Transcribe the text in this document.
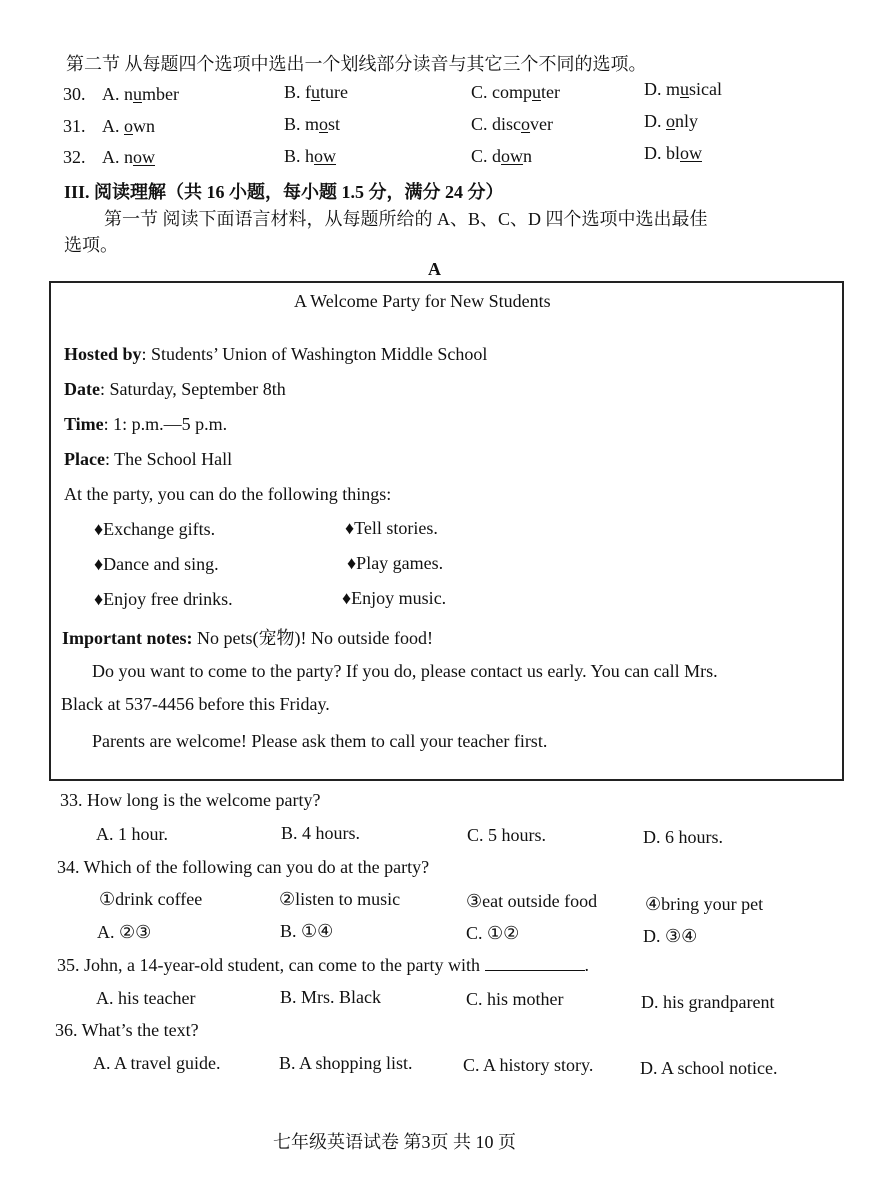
第二节 从每题四个选项中选出一个划线部分读音与其它三个不同的选项。
30. A. number	B. future	C. computer	D. musical
31. A. own	B. most	C. discover	D. only
32. A. now	B. how	C. down	D. blow
III. 阅读理解（共 16 小题，每小题 1.5 分，满分 24 分）
第一节 阅读下面语言材料，从每题所给的 A、B、C、D 四个选项中选出最佳
选项。
A
A Welcome Party for New Students
Hosted by: Students’ Union of Washington Middle School
Date: Saturday, September 8th
Time: 1: p.m.—5 p.m.
Place: The School Hall
At the party, you can do the following things:
♦Exchange gifts.	♦Tell stories.
♦Dance and sing.	♦Play games.
♦Enjoy free drinks.	♦Enjoy music.
Important notes: No pets(宠物)! No outside food!
Do you want to come to the party? If you do, please contact us early. You can call Mrs.
Black at 537-4456 before this Friday.
Parents are welcome! Please ask them to call your teacher first.
33. How long is the welcome party?
A. 1 hour.	B. 4 hours.	C. 5 hours.	D. 6 hours.
34. Which of the following can you do at the party?
①drink coffee	②listen to music	③eat outside food	④bring your pet
A. ②③	B. ①④	C. ①②	D. ③④
35. John, a 14-year-old student, can come to the party with	.
A. his teacher	B. Mrs. Black	C. his mother	D. his grandparent
36. What’s the text?
A. A travel guide.	B. A shopping list.	C. A history story.	D. A school notice.
七年级英语试卷 第3页 共 10 页
